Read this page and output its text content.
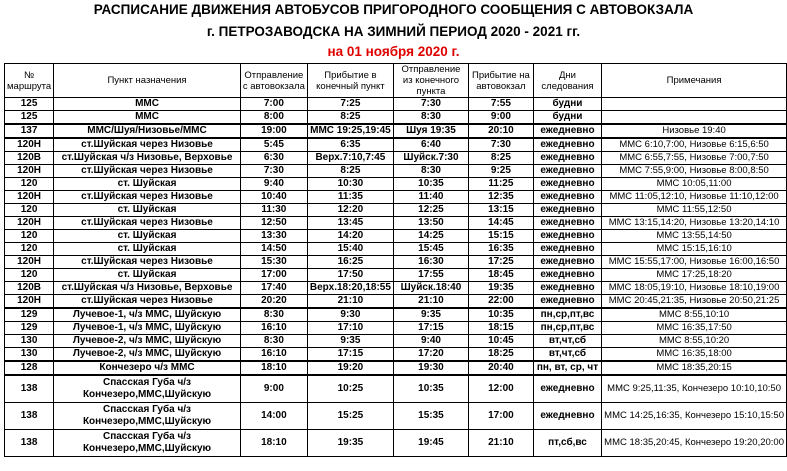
РАСПИСАНИЕ ДВИЖЕНИЯ АВТОБУСОВ ПРИГОРОДНОГО СООБЩЕНИЯ С АВТОВОКЗАЛА
г. ПЕТРОЗАВОДСКА НА ЗИМНИЙ ПЕРИОД 2020 - 2021 гг.
на 01 ноября 2020 г.
№ маршрута	Пункт назначения	Отправление с автовокзала	Прибытие в конечный пункт	Отправление из конечного пункта	Прибытие на автовокзал	Дни следования	Примечания
125	ММС	7:00	7:25	7:30	7:55	будни	
125	ММС	8:00	8:25	8:30	9:00	будни	
137	ММС/Шуя/Низовье/ММС	19:00	ММС 19:25,19:45	Шуя 19:35	20:10	ежедневно	Низовье 19:40
120Н	ст.Шуйская через Низовье	5:45	6:35	6:40	7:30	ежедневно	ММС 6:10,7:00, Низовье 6:15,6:50
120В	ст.Шуйская ч/з Низовье, Верховье	6:30	Верх.7:10,7:45	Шуйск.7:30	8:25	ежедневно	ММС 6:55,7:55, Низовье 7:00,7:50
120Н	ст.Шуйская через Низовье	7:30	8:25	8:30	9:25	ежедневно	ММС 7:55,9:00, Низовье 8:00,8:50
120	ст. Шуйская	9:40	10:30	10:35	11:25	ежедневно	ММС 10:05,11:00
120Н	ст.Шуйская через Низовье	10:40	11:35	11:40	12:35	ежедневно	ММС 11:05,12:10, Низовье 11:10,12:00
120	ст. Шуйская	11:30	12:20	12:25	13:15	ежедневно	ММС 11:55,12:50
120Н	ст.Шуйская через Низовье	12:50	13:45	13:50	14:45	ежедневно	ММС 13:15,14:20, Низовье 13:20,14:10
120	ст. Шуйская	13:30	14:20	14:25	15:15	ежедневно	ММС 13:55,14:50
120	ст. Шуйская	14:50	15:40	15:45	16:35	ежедневно	ММС 15:15,16:10
120Н	ст.Шуйская через Низовье	15:30	16:25	16:30	17:25	ежедневно	ММС 15:55,17:00, Низовье 16:00,16:50
120	ст. Шуйская	17:00	17:50	17:55	18:45	ежедневно	ММС 17:25,18:20
120В	ст.Шуйская ч/з Низовье, Верховье	17:40	Верх.18:20,18:55	Шуйск.18:40	19:35	ежедневно	ММС 18:05,19:10, Низовье 18:10,19:00
120Н	ст.Шуйская через Низовье	20:20	21:10	21:10	22:00	ежедневно	ММС 20:45,21:35, Низовье 20:50,21:25
129	Лучевое-1, ч/з ММС, Шуйскую	8:30	9:30	9:35	10:35	пн,ср,пт,вс	ММС 8:55,10:10
129	Лучевое-1, ч/з ММС, Шуйскую	16:10	17:10	17:15	18:15	пн,ср,пт,вс	ММС 16:35,17:50
130	Лучевое-2, ч/з ММС, Шуйскую	8:30	9:35	9:40	10:45	вт,чт,сб	ММС 8:55,10:20
130	Лучевое-2, ч/з ММС, Шуйскую	16:10	17:15	17:20	18:25	вт,чт,сб	ММС 16:35,18:00
128	Кончезеро ч/з ММС	18:10	19:20	19:30	20:40	пн, вт, ср, чт	ММС 18:35,20:15
138	Спасская Губа ч/з Кончезеро,ММС,Шуйскую	9:00	10:25	10:35	12:00	ежедневно	ММС 9:25,11:35, Кончезеро 10:10,10:50
138	Спасская Губа ч/з Кончезеро,ММС,Шуйскую	14:00	15:25	15:35	17:00	ежедневно	ММС 14:25,16:35, Кончезеро 15:10,15:50
138	Спасская Губа ч/з Кончезеро,ММС,Шуйскую	18:10	19:35	19:45	21:10	пт,сб,вс	ММС 18:35,20:45, Кончезеро 19:20,20:00
